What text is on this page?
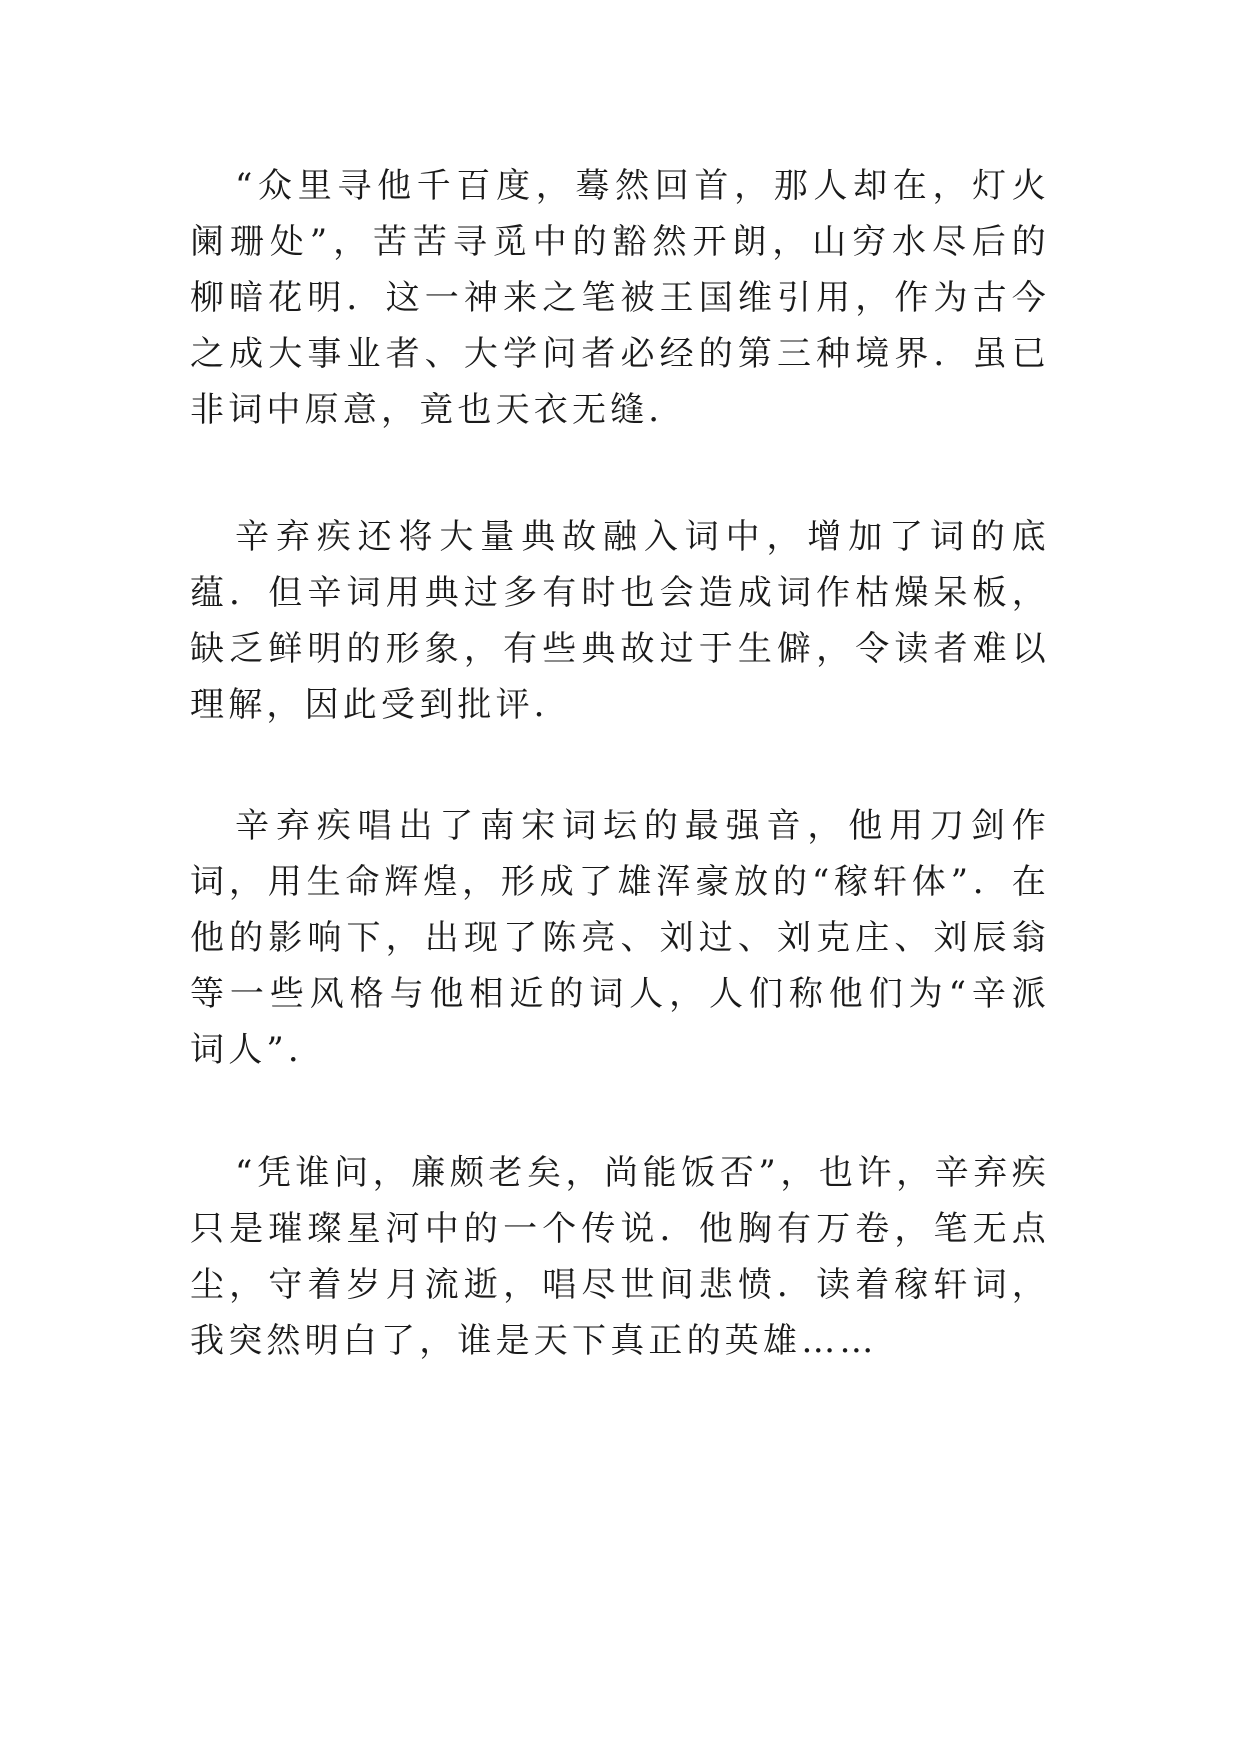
“众里寻他千百度，蓦然回首，那人却在，灯火阑珊处”，苦苦寻觅中的豁然开朗，山穷水尽后的柳暗花明．这一神来之笔被王国维引用，作为古今之成大事业者、大学问者必经的第三种境界．虽已非词中原意，竟也天衣无缝．

辛弃疾还将大量典故融入词中，增加了词的底蕴．但辛词用典过多有时也会造成词作枯燥呆板，缺乏鲜明的形象，有些典故过于生僻，令读者难以理解，因此受到批评．

辛弃疾唱出了南宋词坛的最强音，他用刀剑作词，用生命辉煌，形成了雄浑豪放的“稼轩体”．在他的影响下，出现了陈亮、刘过、刘克庄、刘辰翁等一些风格与他相近的词人，人们称他们为“辛派词人”．

“凭谁问，廉颇老矣，尚能饭否”，也许，辛弃疾只是璀璨星河中的一个传说．他胸有万卷，笔无点尘，守着岁月流逝，唱尽世间悲愤．读着稼轩词，我突然明白了，谁是天下真正的英雄……
